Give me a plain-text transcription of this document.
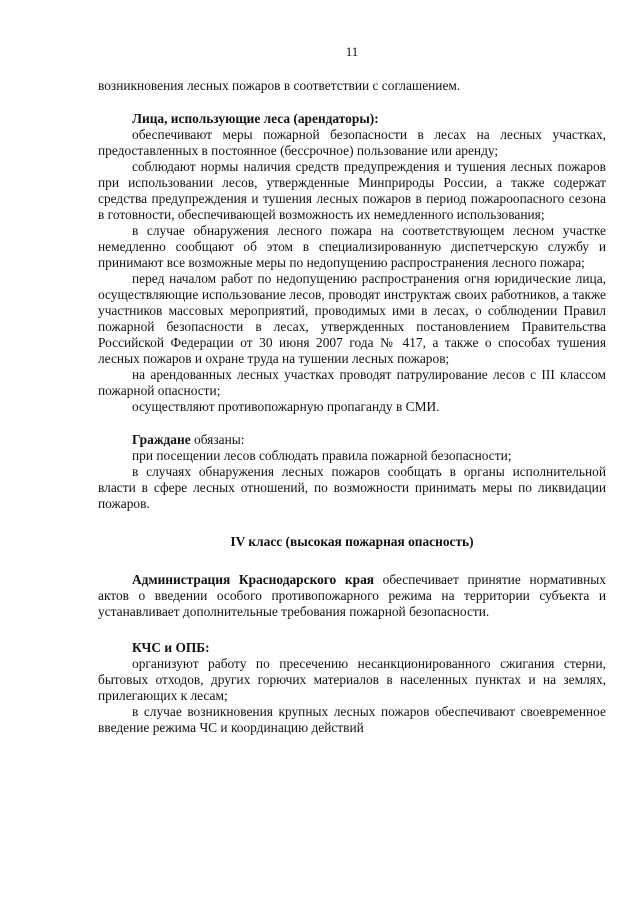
11

возникновения лесных пожаров в соответствии с соглашением.

Лица, использующие леса (арендаторы):

обеспечивают меры пожарной безопасности в лесах на лесных участках, предоставленных в постоянное (бессрочное) пользование или аренду;

соблюдают нормы наличия средств предупреждения и тушения лесных пожаров при использовании лесов, утвержденные Минприроды России, а также содержат средства предупреждения и тушения лесных пожаров в период пожароопасного сезона в готовности, обеспечивающей возможность их немедленного использования;

в случае обнаружения лесного пожара на соответствующем лесном участке немедленно сообщают об этом в специализированную диспетчерскую службу и принимают все возможные меры по недопущению распространения лесного пожара;

перед началом работ по недопущению распространения огня юридические лица, осуществляющие использование лесов, проводят инструктаж своих работников, а также участников массовых мероприятий, проводимых ими в лесах, о соблюдении Правил пожарной безопасности в лесах, утвержденных постановлением Правительства Российской Федерации от 30 июня 2007 года № 417, а также о способах тушения лесных пожаров и охране труда на тушении лесных пожаров;

на арендованных лесных участках проводят патрулирование лесов с III классом пожарной опасности;

осуществляют противопожарную пропаганду в СМИ.

Граждане обязаны:

при посещении лесов соблюдать правила пожарной безопасности;

в случаях обнаружения лесных пожаров сообщать в органы исполнительной власти в сфере лесных отношений, по возможности принимать меры по ликвидации пожаров.

IV класс (высокая пожарная опасность)

Администрация Краснодарского края обеспечивает принятие нормативных актов о введении особого противопожарного режима на территории субъекта и устанавливает дополнительные требования пожарной безопасности.

КЧС и ОПБ:

организуют работу по пресечению несанкционированного сжигания стерни, бытовых отходов, других горючих материалов в населенных пунктах и на землях, прилегающих к лесам;

в случае возникновения крупных лесных пожаров обеспечивают своевременное введение режима ЧС и координацию действий
